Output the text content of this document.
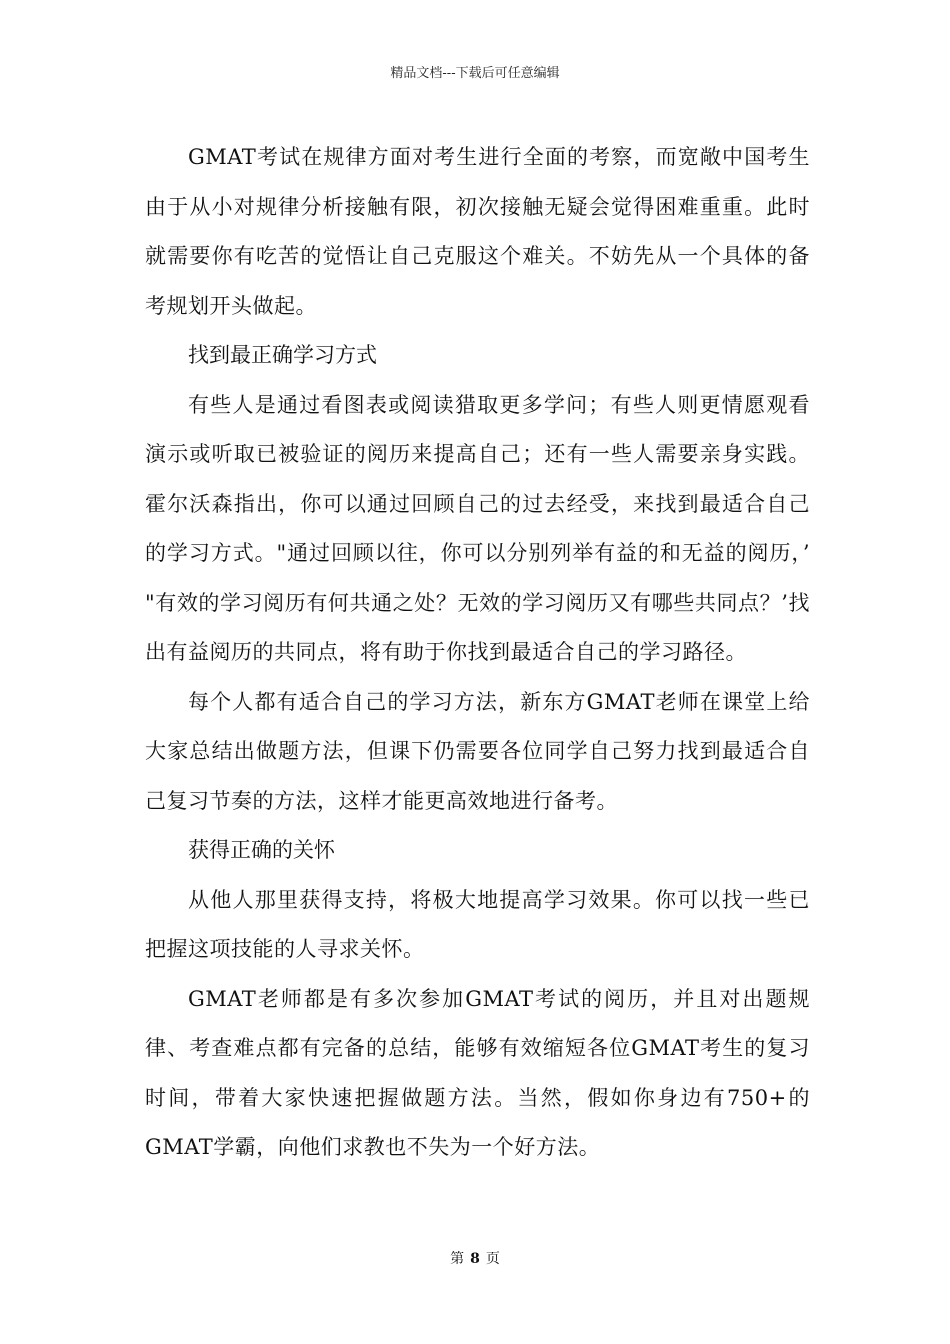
精品文档---下载后可任意编辑

GMAT考试在规律方面对考生进行全面的考察，而宽敞中国考生由于从小对规律分析接触有限，初次接触无疑会觉得困难重重。此时就需要你有吃苦的觉悟让自己克服这个难关。不妨先从一个具体的备考规划开头做起。

找到最正确学习方式

有些人是通过看图表或阅读猎取更多学问；有些人则更情愿观看演示或听取已被验证的阅历来提高自己；还有一些人需要亲身实践。霍尔沃森指出，你可以通过回顾自己的过去经受，来找到最适合自己的学习方式。"通过回顾以往，你可以分别列举有益的和无益的阅历，’ "有效的学习阅历有何共通之处？无效的学习阅历又有哪些共同点？’找出有益阅历的共同点，将有助于你找到最适合自己的学习路径。

每个人都有适合自己的学习方法，新东方GMAT老师在课堂上给大家总结出做题方法，但课下仍需要各位同学自己努力找到最适合自己复习节奏的方法，这样才能更高效地进行备考。

获得正确的关怀

从他人那里获得支持，将极大地提高学习效果。你可以找一些已把握这项技能的人寻求关怀。

GMAT老师都是有多次参加GMAT考试的阅历，并且对出题规律、考查难点都有完备的总结，能够有效缩短各位GMAT考生的复习时间，带着大家快速把握做题方法。当然，假如你身边有750+的GMAT学霸，向他们求教也不失为一个好方法。

第 8 页
